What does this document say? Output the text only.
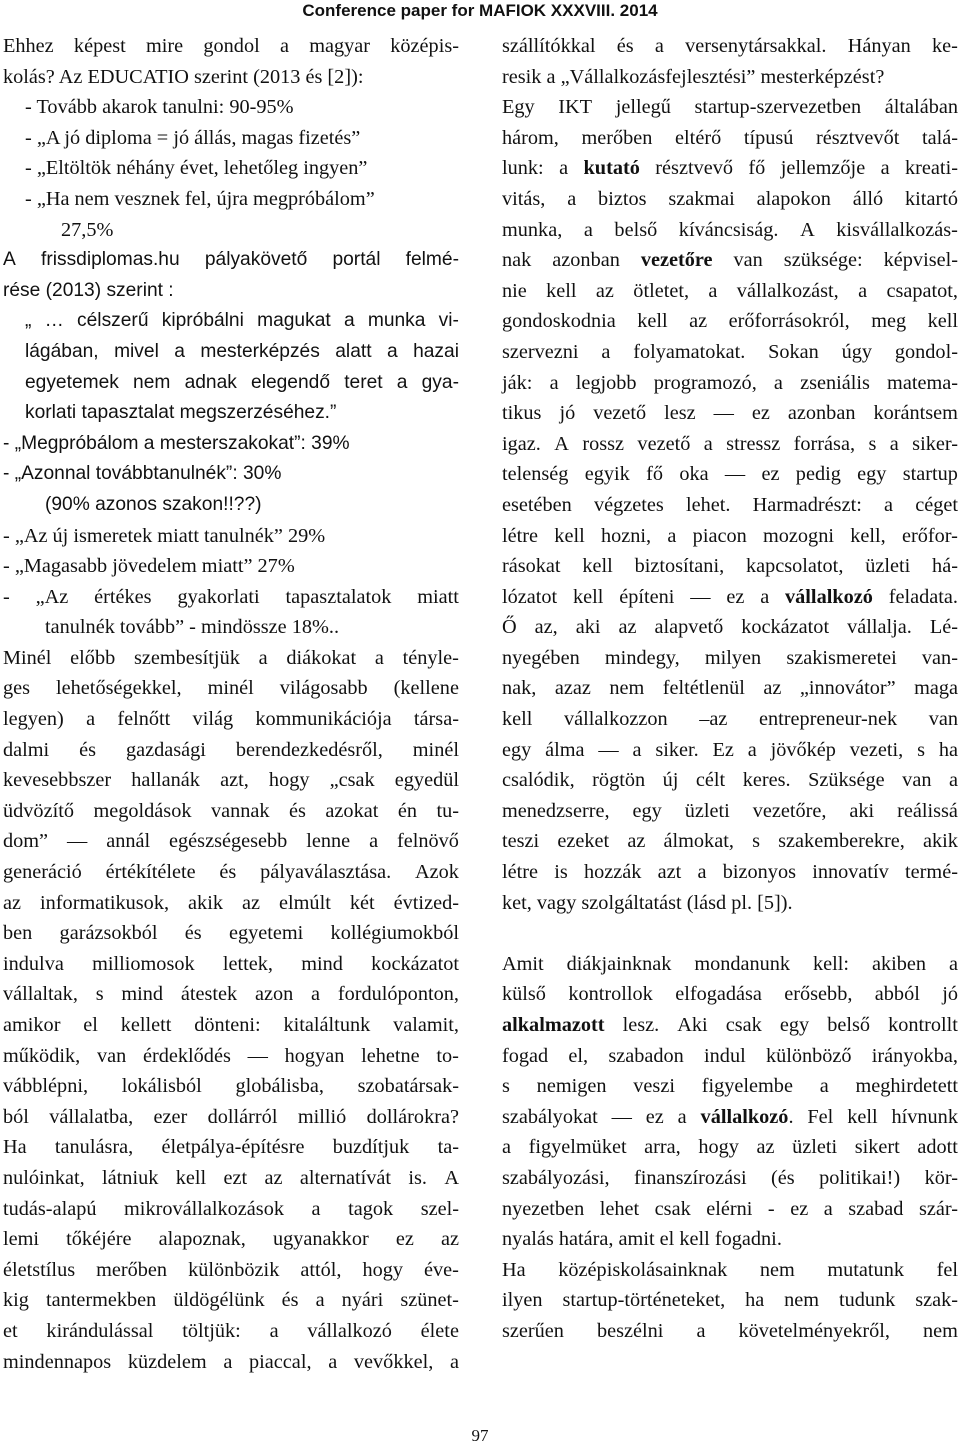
Conference paper for MAFIOK XXXVIII. 2014
Ehhez képest mire gondol a magyar középis-
kolás? Az EDUCATIO szerint (2013 és [2]):
- Tovább akarok tanulni: 90-95%
- „A jó diploma = jó állás, magas fizetés”
- „Eltöltök néhány évet, lehetőleg ingyen”
- „Ha nem vesznek fel, újra megpróbálom”
27,5%
A frissdiplomas.hu pályakövető portál felmé-
rése (2013) szerint :
„ … célszerű kipróbálni magukat a munka vi-
lágában, mivel a mesterképzés alatt a hazai
egyetemek nem adnak elegendő teret a gya-
korlati tapasztalat megszerzéséhez.”
- „Megpróbálom a mesterszakokat”: 39%
- „Azonnal továbbtanulnék”: 30%
(90% azonos szakon!!??)
- „Az új ismeretek miatt tanulnék” 29%
- „Magasabb jövedelem miatt” 27%
- „Az értékes gyakorlati tapasztalatok miatt
tanulnék tovább” - mindössze 18%..
Minél előbb szembesítjük a diákokat a tényle-
ges lehetőségekkel, minél világosabb (kellene
legyen) a felnőtt világ kommunikációja társa-
dalmi és gazdasági berendezkedésről, minél
kevesebbszer hallanák azt, hogy „csak egyedül
üdvözítő megoldások vannak és azokat én tu-
dom” — annál egészségesebb lenne a felnövő
generáció értékítélete és pályaválasztása. Azok
az informatikusok, akik az elmúlt két évtized-
ben garázsokból és egyetemi kollégiumokból
indulva milliomosok lettek, mind kockázatot
vállaltak, s mind átestek azon a fordulóponton,
amikor el kellett dönteni: kitaláltunk valamit,
működik, van érdeklődés — hogyan lehetne to-
vábblépni, lokálisból globálisba, szobatársak-
ból vállalatba, ezer dollárról millió dollárokra?
Ha tanulásra, életpálya-építésre buzdítjuk ta-
nulóinkat, látniuk kell ezt az alternatívát is. A
tudás-alapú mikrovállalkozások a tagok szel-
lemi tőkéjére alapoznak, ugyanakkor ez az
életstílus merőben különbözik attól, hogy éve-
kig tantermekben üldögélünk és a nyári szünet-
et kirándulással töltjük: a vállalkozó élete
mindennapos küzdelem a piaccal, a vevőkkel, a
szállítókkal és a versenytársakkal. Hányan ke-
resik a „Vállalkozásfejlesztési” mesterképzést?
Egy IKT jellegű startup-szervezetben általában
három, merőben eltérő típusú résztvevőt talá-
lunk: a kutató résztvevő fő jellemzője a kreati-
vitás, a biztos szakmai alapokon álló kitartó
munka, a belső kíváncsiság. A kisvállalkozás-
nak azonban vezetőre van szüksége: képvisel-
nie kell az ötletet, a vállalkozást, a csapatot,
gondoskodnia kell az erőforrásokról, meg kell
szervezni a folyamatokat. Sokan úgy gondol-
ják: a legjobb programozó, a zseniális matema-
tikus jó vezető lesz — ez azonban korántsem
igaz. A rossz vezető a stressz forrása, s a siker-
telenség egyik fő oka — ez pedig egy startup
esetében végzetes lehet. Harmadrészt: a céget
létre kell hozni, a piacon mozogni kell, erőfor-
rásokat kell biztosítani, kapcsolatot, üzleti há-
lózatot kell építeni — ez a vállalkozó feladata.
Ő az, aki az alapvető kockázatot vállalja. Lé-
nyegében mindegy, milyen szakismeretei van-
nak, azaz nem feltétlenül az „innovátor” maga
kell vállalkozzon –az entrepreneur-nek van
egy álma — a siker. Ez a jövőkép vezeti, s ha
csalódik, rögtön új célt keres. Szüksége van a
menedzserre, egy üzleti vezetőre, aki reálissá
teszi ezeket az álmokat, s szakemberekre, akik
létre is hozzák azt a bizonyos innovatív termé-
ket, vagy szolgáltatást (lásd pl. [5]).
Amit diákjainknak mondanunk kell: akiben a
külső kontrollok elfogadása erősebb, abból jó
alkalmazott lesz. Aki csak egy belső kontrollt
fogad el, szabadon indul különböző irányokba,
s nemigen veszi figyelembe a meghirdetett
szabályokat — ez a vállalkozó. Fel kell hívnunk
a figyelmüket arra, hogy az üzleti sikert adott
szabályozási, finanszírozási (és politikai!) kör-
nyezetben lehet csak elérni - ez a szabad szár-
nyalás határa, amit el kell fogadni.
Ha középiskolásainknak nem mutatunk fel
ilyen startup-történeteket, ha nem tudunk szak-
szerűen beszélni a követelményekről, nem
97
